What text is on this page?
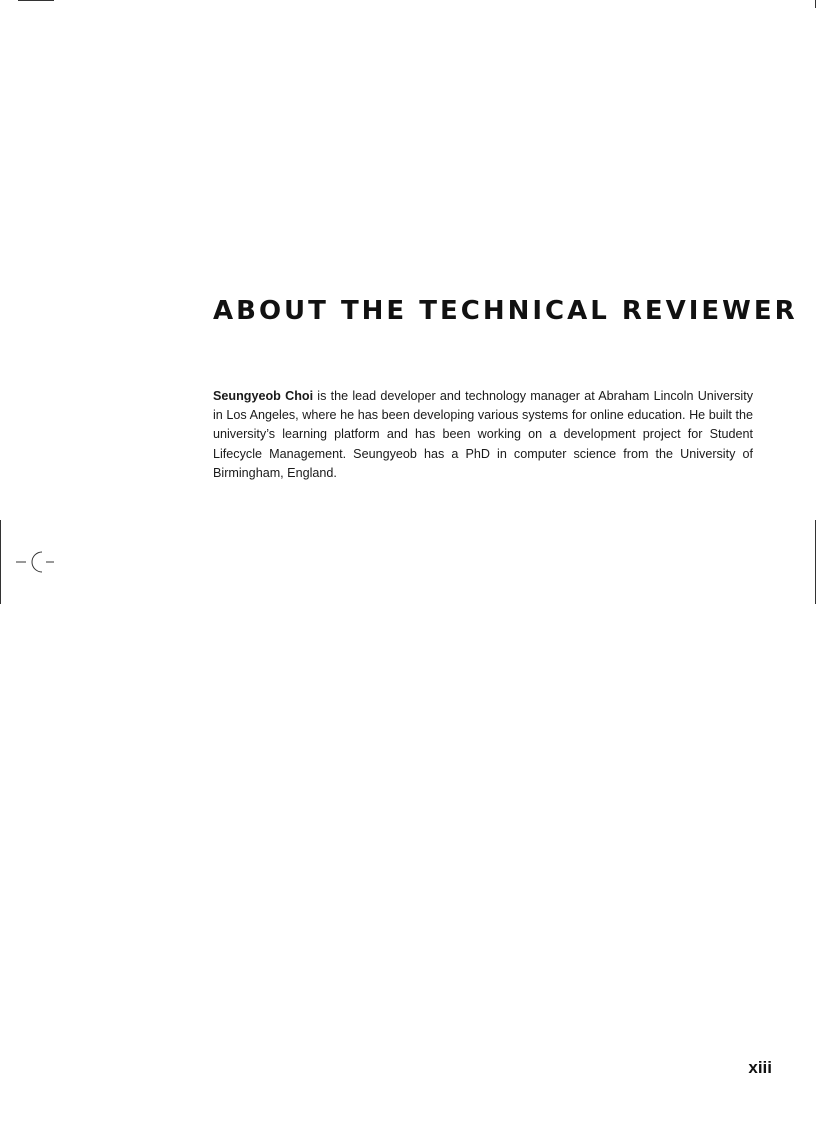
ABOUT THE TECHNICAL REVIEWER

Seungyeob Choi is the lead developer and technology manager at Abraham Lincoln University in Los Angeles, where he has been developing various systems for online education. He built the university’s learning platform and has been working on a development project for Student Lifecycle Management. Seungyeob has a PhD in computer science from the University of Birmingham, England.

xiii
